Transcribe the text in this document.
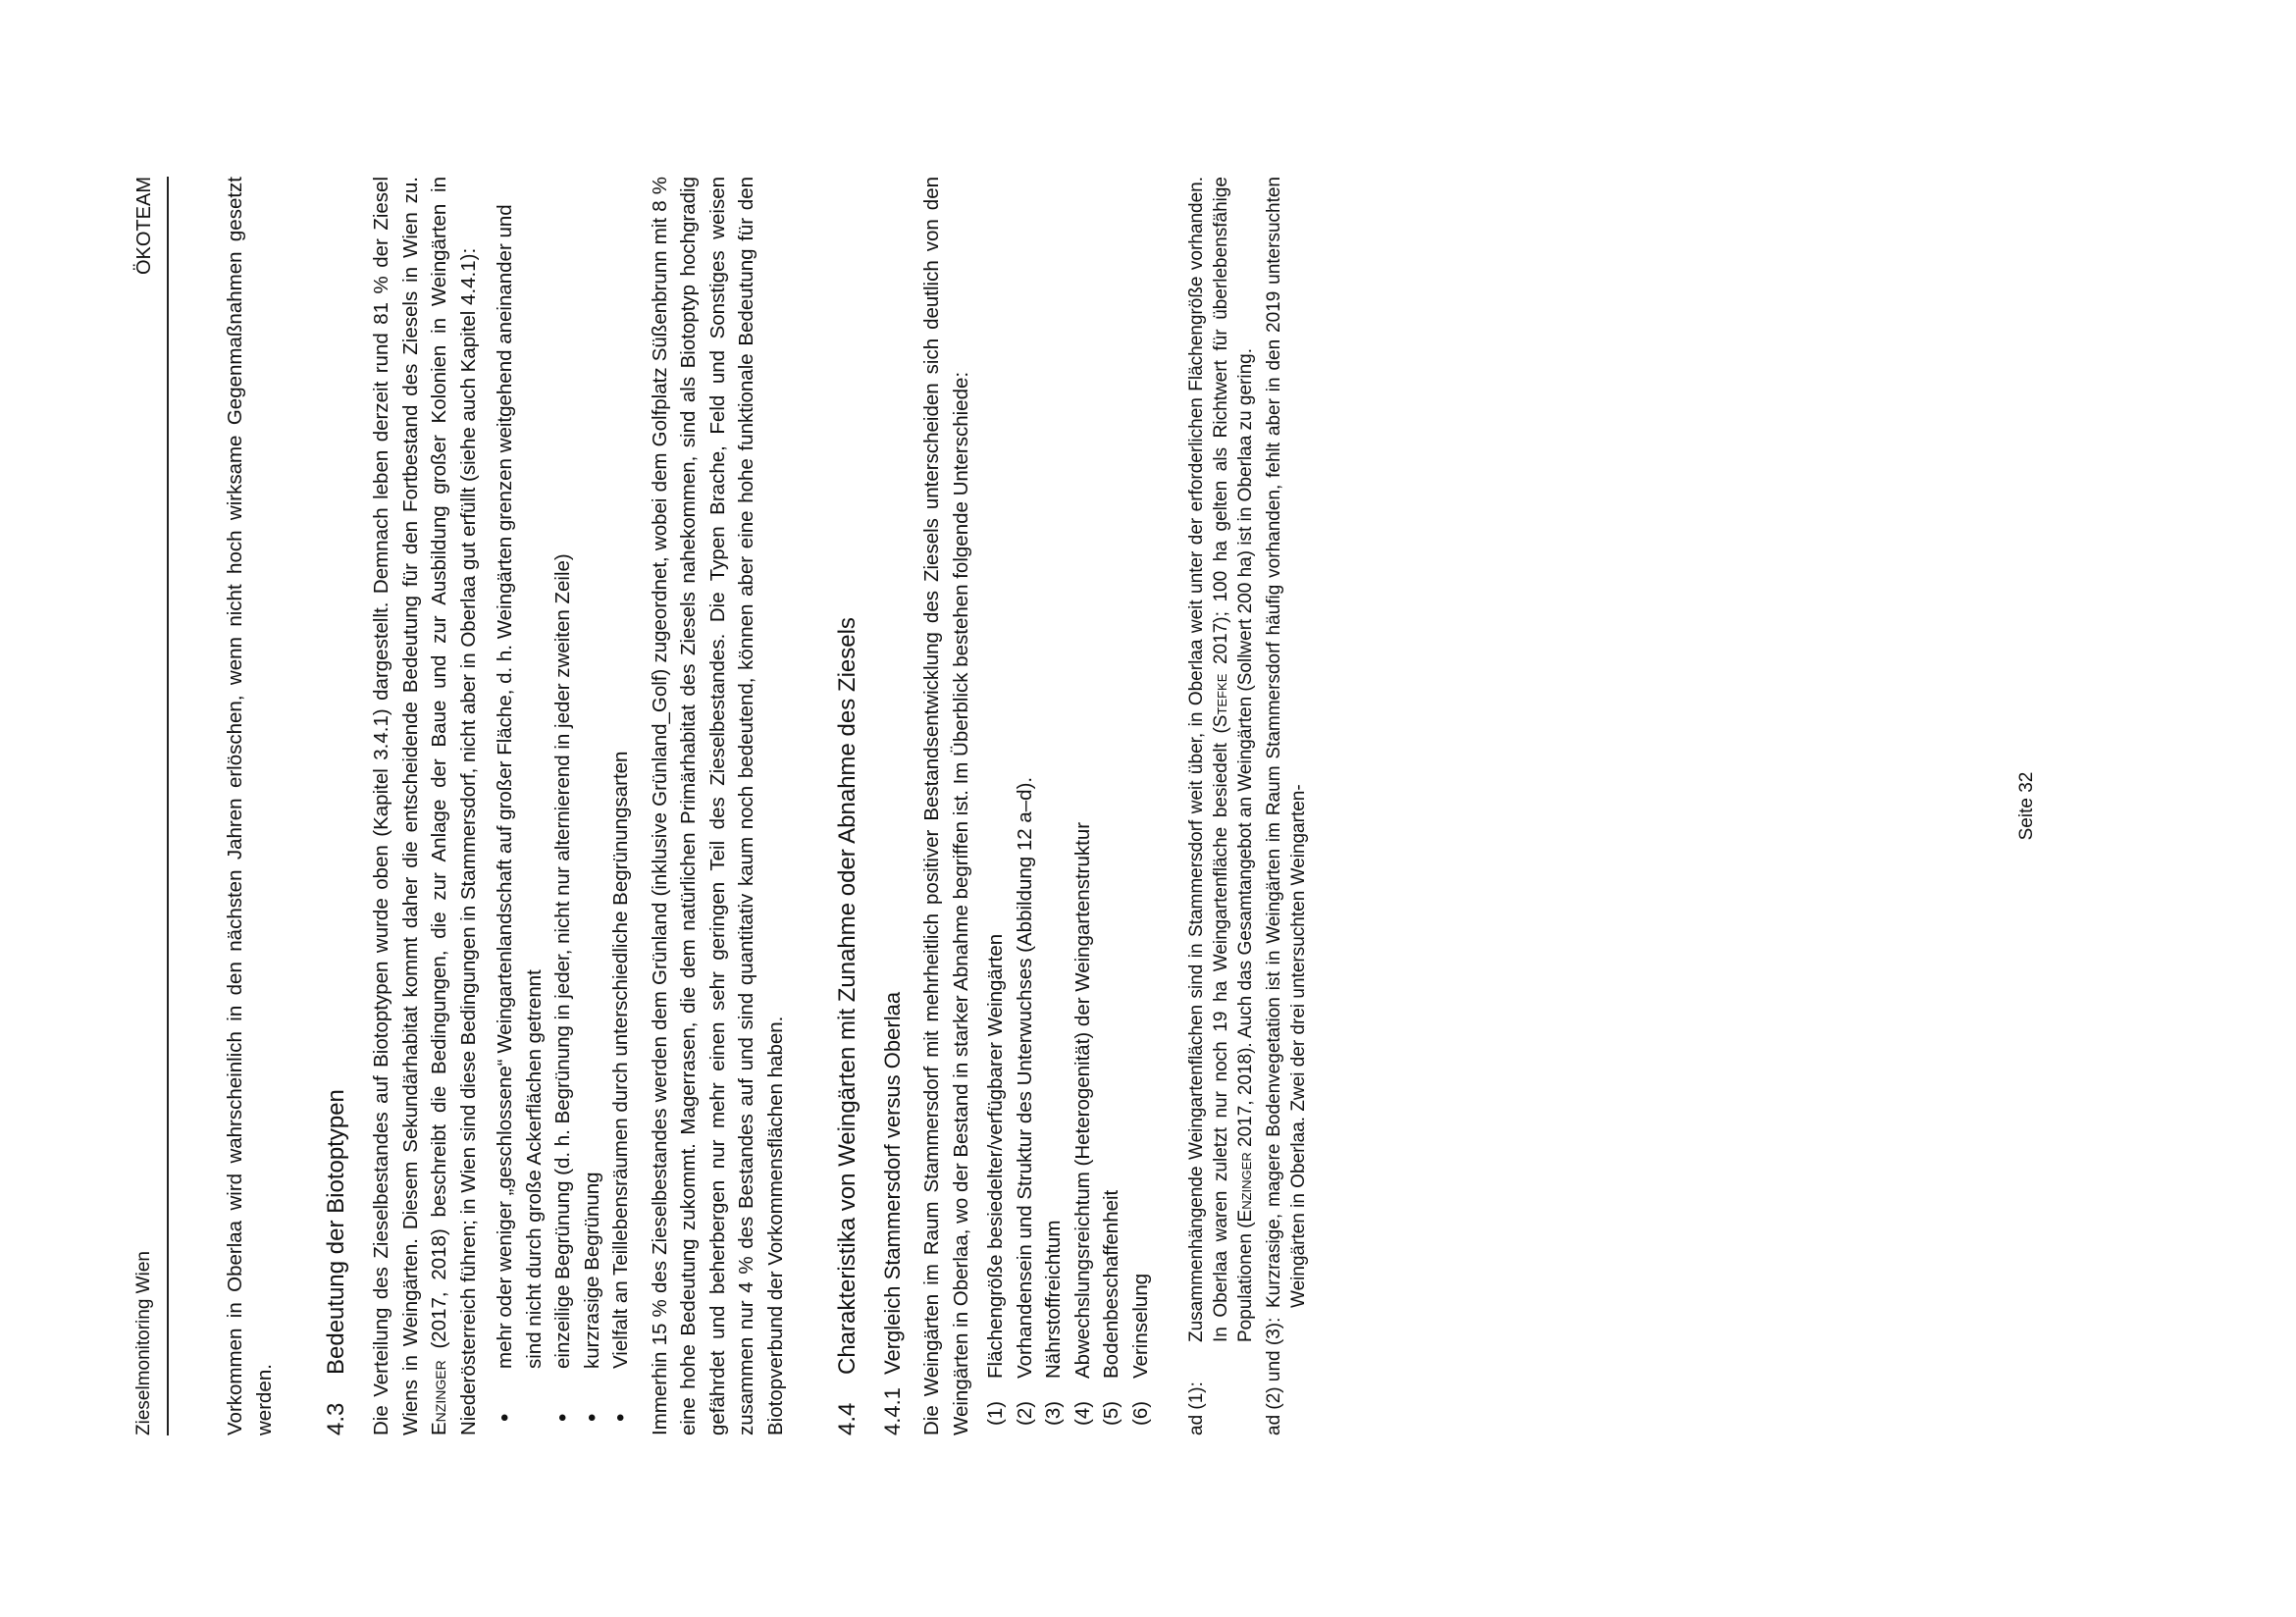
Zieselmonitoring Wien
ÖKOTEAM	Vorkommen in Oberlaa wird wahrscheinlich in den nächsten Jahren erlöschen, wenn nicht hoch wirksame Gegenmaßnahmen gesetzt werden. 4.3Bedeutung der Biotoptypen Die Verteilung des Zieselbestandes auf Biotoptypen wurde oben (Kapitel 3.4.1) dargestellt. Demnach leben derzeit rund 81 % der Ziesel Wiens in Weingärten. Diesem Sekundärhabitat kommt daher die entscheidende Bedeutung für den Fortbestand des Ziesels in Wien zu. Enzinger (2017, 2018) beschreibt die Bedingungen, die zur Anlage der Baue und zur Ausbildung großer Kolonien in Weingärten in Niederösterreich führen; in Wien sind diese Bedingungen in Stammersdorf, nicht aber in Oberlaa gut erfüllt (siehe auch Kapitel 4.4.1): • mehr oder weniger „geschlossene“ Weingartenlandschaft auf großer Fläche, d. h. Weingärten grenzen weitgehend aneinander und sind nicht durch große Ackerflächen getrennt • einzeilige Begrünung (d. h. Begrünung in jeder, nicht nur alternierend in jeder zweiten Zeile) • kurzrasige Begrünung • Vielfalt an Teillebensräumen durch unterschiedliche Begrünungsarten Immerhin 15 % des Zieselbestandes werden dem Grünland (inklusive Grünland_Golf) zugeordnet, wobei dem Golfplatz Süßenbrunn mit 8 % eine hohe Bedeutung zukommt. Magerrasen, die dem natürlichen Primärhabitat des Ziesels nahekommen, sind als Biotoptyp hochgradig gefährdet und beherbergen nur mehr einen sehr geringen Teil des Zieselbestandes. Die Typen Brache, Feld und Sonstiges weisen zusammen nur 4 % des Bestandes auf und sind quantitativ kaum noch bedeutend, können aber eine hohe funktionale Bedeutung für den Biotopverbund der Vorkommensflächen haben. 4.4Charakteristika von Weingärten mit Zunahme oder Abnahme des Ziesels
4.4.1Vergleich Stammersdorf versus Oberlaa Die Weingärten im Raum Stammersdorf mit mehrheitlich positiver Bestandsentwicklung des Ziesels unterscheiden sich deutlich von den Weingärten in Oberlaa, wo der Bestand in starker Abnahme begriffen ist. Im Überblick bestehen folgende Unterschiede: (1)
Flächengröße besiedelter/verfügbarer Weingärten
(2)
Vorhandensein und Struktur des Unterwuchses (Abbildung 12 a–d).
(3)
Nährstoffreichtum
(4)
Abwechslungsreichtum (Heterogenität) der Weingartenstruktur
(5)
Bodenbeschaffenheit
(6)
Verinselung
ad (1):
Zusammenhängende Weingartenflächen sind in Stammersdorf weit über, in Oberlaa weit unter der erforderlichen Flächengröße vorhanden. In Oberlaa waren zuletzt nur noch 19 ha Weingartenfläche besiedelt (Stefke 2017); 100 ha gelten als Richtwert für überlebensfähige Populationen (Enzinger 2017, 2018). Auch das Gesamtangebot an Weingärten (Sollwert 200 ha) ist in Oberlaa zu gering.
ad (2) und (3):
Kurzrasige, magere Bodenvegetation ist in Weingärten im Raum Stammersdorf häufig vorhanden, fehlt aber in den 2019 untersuchten Weingärten in Oberlaa. Zwei der drei untersuchten Weingarten-	Seite 32
